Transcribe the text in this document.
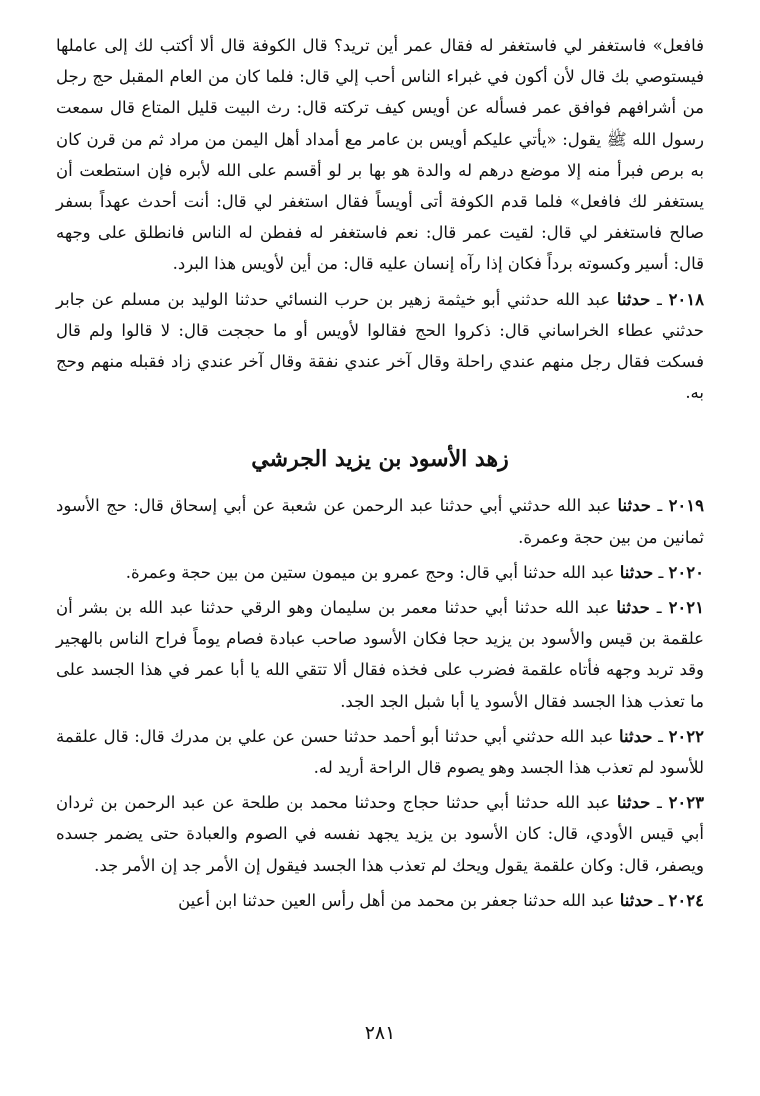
فافعل» فاستغفر لي فاستغفر له فقال عمر أين تريد؟ قال الكوفة قال ألا أكتب لك إلى عاملها فيستوصي بك قال لأن أكون في غبراء الناس أحب إلي قال: فلما كان من العام المقبل حج رجل من أشرافهم فوافق عمر فسأله عن أويس كيف تركته قال: رث البيت قليل المتاع قال سمعت رسول الله ﷺ يقول: «يأتي عليكم أويس بن عامر مع أمداد أهل اليمن من مراد ثم من قرن كان به برص فبرأ منه إلا موضع درهم له والدة هو بها بر لو أقسم على الله لأبره فإن استطعت أن يستغفر لك فافعل» فلما قدم الكوفة أتى أويساً فقال استغفر لي قال: أنت أحدث عهداً بسفر صالح فاستغفر لي قال: لقيت عمر قال: نعم فاستغفر له ففطن له الناس فانطلق على وجهه قال: أسير وكسوته برداً فكان إذا رآه إنسان عليه قال: من أين لأويس هذا البرد.

٢٠١٨ ـ حدثنا عبد الله حدثني أبو خيثمة زهير بن حرب النسائي حدثنا الوليد بن مسلم عن جابر حدثني عطاء الخراساني قال: ذكروا الحج فقالوا لأويس أو ما حججت قال: لا قالوا ولم قال فسكت فقال رجل منهم عندي راحلة وقال آخر عندي نفقة وقال آخر عندي زاد فقبله منهم وحج به.

زهد الأسود بن يزيد الجرشي

٢٠١٩ ـ حدثنا عبد الله حدثني أبي حدثنا عبد الرحمن عن شعبة عن أبي إسحاق قال: حج الأسود ثمانين من بين حجة وعمرة.

٢٠٢٠ ـ حدثنا عبد الله حدثنا أبي قال: وحج عمرو بن ميمون ستين من بين حجة وعمرة.

٢٠٢١ ـ حدثنا عبد الله حدثنا أبي حدثنا معمر بن سليمان وهو الرقي حدثنا عبد الله بن بشر أن علقمة بن قيس والأسود بن يزيد حجا فكان الأسود صاحب عبادة فصام يوماً فراح الناس بالهجير وقد تربد وجهه فأتاه علقمة فضرب على فخذه فقال ألا تتقي الله يا أبا عمر في هذا الجسد على ما تعذب هذا الجسد فقال الأسود يا أبا شبل الجد الجد.

٢٠٢٢ ـ حدثنا عبد الله حدثني أبي حدثنا أبو أحمد حدثنا حسن عن علي بن مدرك قال: قال علقمة للأسود لم تعذب هذا الجسد وهو يصوم قال الراحة أريد له.

٢٠٢٣ ـ حدثنا عبد الله حدثنا أبي حدثنا حجاج وحدثنا محمد بن طلحة عن عبد الرحمن بن ثردان أبي قيس الأودي، قال: كان الأسود بن يزيد يجهد نفسه في الصوم والعبادة حتى يضمر جسده ويصفر، قال: وكان علقمة يقول ويحك لم تعذب هذا الجسد فيقول إن الأمر جد إن الأمر جد.

٢٠٢٤ ـ حدثنا عبد الله حدثنا جعفر بن محمد من أهل رأس العين حدثنا ابن أعين

٢٨١
